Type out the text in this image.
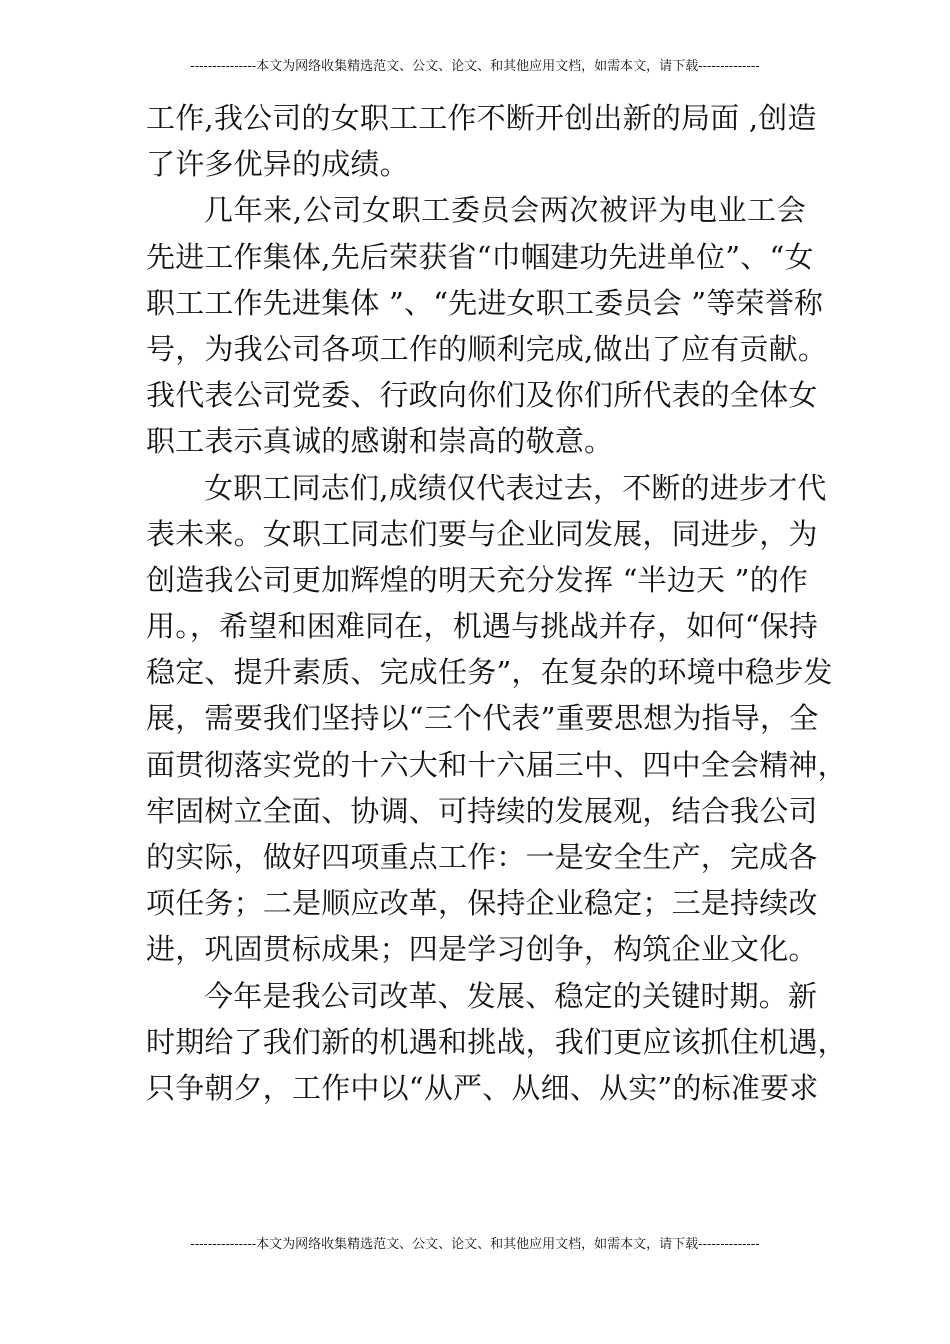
---------------本文为网络收集精选范文、公文、论文、和其他应用文档，如需本文，请下载--------------
工作,我公司的女职工工作不断开创出新的局面 ,创造
了许多优异的成绩。
几年来,公司女职工委员会两次被评为电业工会
先进工作集体,先后荣获省“巾帼建功先进单位”、“女
职工工作先进集体 ”、“先进女职工委员会 ”等荣誉称
号，为我公司各项工作的顺利完成,做出了应有贡献。
我代表公司党委、行政向你们及你们所代表的全体女
职工表示真诚的感谢和崇高的敬意。
女职工同志们,成绩仅代表过去，不断的进步才代
表未来。女职工同志们要与企业同发展，同进步，为
创造我公司更加辉煌的明天充分发挥 “半边天 ”的作
用。，希望和困难同在，机遇与挑战并存，如何“保持
稳定、提升素质、完成任务”，在复杂的环境中稳步发
展，需要我们坚持以“三个代表”重要思想为指导，全
面贯彻落实党的十六大和十六届三中、四中全会精神，
牢固树立全面、协调、可持续的发展观，结合我公司
的实际，做好四项重点工作：一是安全生产，完成各
项任务；二是顺应改革，保持企业稳定；三是持续改
进，巩固贯标成果；四是学习创争，构筑企业文化。
今年是我公司改革、发展、稳定的关键时期。新
时期给了我们新的机遇和挑战，我们更应该抓住机遇，
只争朝夕，工作中以“从严、从细、从实”的标准要求
---------------本文为网络收集精选范文、公文、论文、和其他应用文档，如需本文，请下载--------------
